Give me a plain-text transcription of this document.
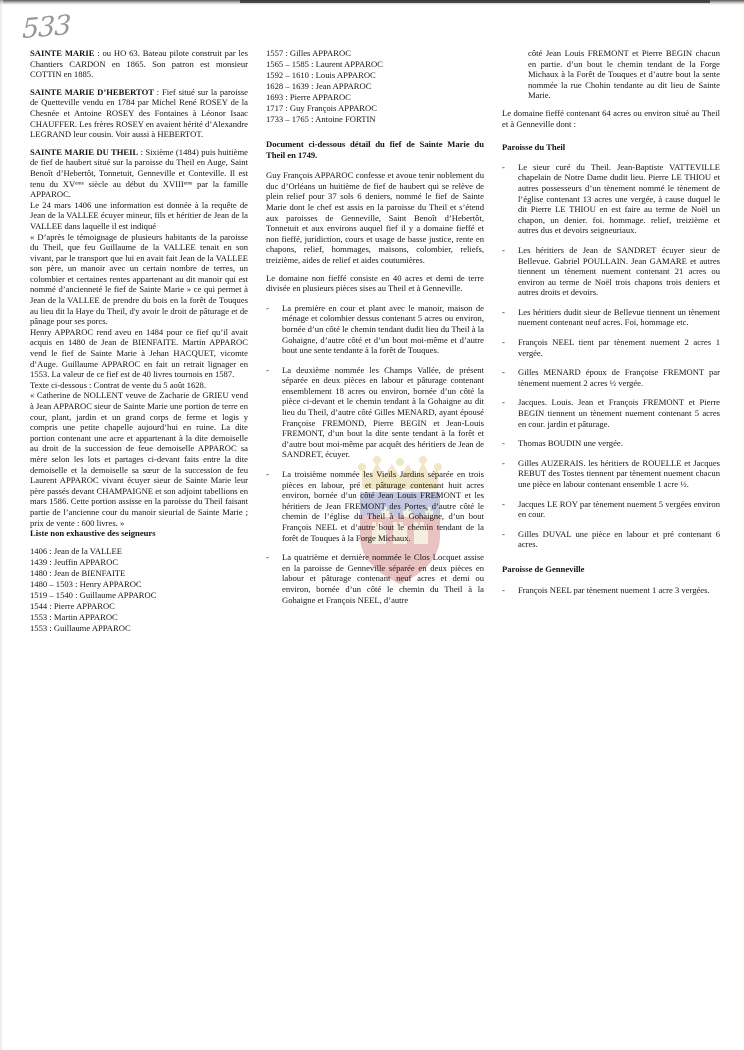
533

SAINTE MARIE : ou HO 63. Bateau pilote construit par les Chantiers CARDON en 1865. Son patron est monsieur COTTIN en 1885.

SAINTE MARIE D’HEBERTOT : Fief situé sur la paroisse de Quetteville vendu en 1784 par Michel René ROSEY de la Chesnée et Antoine ROSEY des Fontaines à Léonor Isaac CHAUFFER. Les frères ROSEY en avaient hérité d’Alexandre LEGRAND leur cousin. Voir aussi à HEBERTOT.

SAINTE MARIE DU THEIL : Sixième (1484) puis huitième de fief de haubert situé sur la paroisse du Theil en Auge, Saint Benoît d’Hebertôt, Tonnetuit, Genneville et Conteville. Il est tenu du XVᵉᵐᵉ siècle au début du XVIIIᵉᵐᵉ par la famille APPAROC.

Le 24 mars 1406 une information est donnée à la requête de Jean de la VALLEE écuyer mineur, fils et héritier de Jean de la VALLEE dans laquelle il est indiqué

« D’après le témoignage de plusieurs habitants de la paroisse du Theil, que feu Guillaume de la VALLEE tenait en son vivant, par le transport que lui en avait fait Jean de la VALLEE son père, un manoir avec un certain nombre de terres, un colombier et certaines rentes appartenant au dit manoir qui est nommé d’ancienneté le fief de Sainte Marie » ce qui permet à Jean de la VALLEE de prendre du bois en la forêt de Touques au lieu dit la Haye du Theil, d'y avoir le droit de pâturage et de pânage pour ses porcs.

Henry APPAROC rend aveu en 1484 pour ce fief qu’il avait acquis en 1480 de Jean de BIENFAITE. Martin APPAROC vend le fief de Sainte Marie à Jehan HACQUET, vicomte d’Auge. Guillaume APPAROC en fait un retrait lignager en 1553. La valeur de ce fief est de 40 livres tournois en 1587.

Texte ci-dessous : Contrat de vente du 5 août 1628.

« Catherine de NOLLENT veuve de Zacharie de GRIEU vend à Jean APPAROC sieur de Sainte Marie une portion de terre en cour, plant, jardin et un grand corps de ferme et logis y compris une petite chapelle aujourd’hui en ruine. La dite portion contenant une acre et appartenant à la dite demoiselle au droit de la succession de feue demoiselle APPAROC sa mère selon les lots et partages ci-devant faits entre la dite demoiselle et la demoiselle sa sœur de la succession de feu Laurent APPAROC vivant écuyer sieur de Sainte Marie leur père passés devant CHAMPAIGNE et son adjoint tabellions en mars 1586. Cette portion assisse en la paroisse du Theil faisant partie de l’ancienne cour du manoir sieurial de Sainte Marie ; prix de vente : 600 livres. »

Liste non exhaustive des seigneurs

1406 : Jean de la VALLEE
1439 : Jeuffin APPAROC
1480 : Jean de BIENFAITE
1480 – 1503 : Henry APPAROC
1519 – 1540 : Guillaume APPAROC
1544 : Pierre APPAROC
1553 : Martin APPAROC
1553 : Guillaume APPAROC
1557 : Gilles APPAROC
1565 – 1585 : Laurent APPAROC
1592 – 1610 : Louis APPAROC
1628 – 1639 : Jean APPAROC
1693 : Pierre APPAROC
1717 : Guy François APPAROC
1733 – 1765 : Antoine FORTIN

Document ci-dessous détail du fief de Sainte Marie du Theil en 1749.

Guy François APPAROC confesse et avoue tenir noblement du duc d’Orléans un huitième de fief de haubert qui se relève de plein relief pour 37 sols 6 deniers, nommé le fief de Sainte Marie dont le chef est assis en la paroisse du Theil et s’étend aux paroisses de Genneville, Saint Benoît d’Hebertôt, Tonnetuit et aux environs auquel fief il y a domaine fieffé et non fieffé, juridiction, cours et usage de basse justice, rente en chapons, relief, hommages, maisons, colombier, reliefs, treizième, aides de relief et aides coutumières.

Le domaine non fieffé consiste en 40 acres et demi de terre divisée en plusieurs pièces sises au Theil et à Genneville.

-	La première en cour et plant avec le manoir, maison de ménage et colombier dessus contenant 5 acres ou environ, bornée d’un côté le chemin tendant dudit lieu du Theil à la Gohaigne, d’autre côté et d’un bout moi-même et d’autre bout une sente tendante à la forêt de Touques.
-	La deuxième nommée les Champs Vallée, de présent séparée en deux pièces en labour et pâturage contenant ensemblement 18 acres ou environ, bornée d’un côté la pièce ci-devant et le chemin tendant à la Gohaigne au dit lieu du Theil, d’autre côté Gilles MENARD, ayant épousé Françoise FREMOND, Pierre BEGIN et Jean-Louis FREMONT, d’un bout la dite sente tendant à la forêt et d’autre bout moi-même par acquêt des héritiers de Jean de SANDRET, écuyer.
-	La troisième nommée les Vieils Jardins séparée en trois pièces en labour, pré et pâturage contenant huit acres environ, bornée d’un côté Jean Louis FREMONT et les héritiers de Jean FREMONT des Portes, d’autre côté le chemin de l’église du Theil à la Gohaigne, d’un bout François NEEL et d’autre bout le chemin tendant de la forêt de Touques à la Forge Michaux.
-	La quatrième et dernière nommée le Clos Locquet assise en la paroisse de Genneville séparée en deux pièces en labour et pâturage contenant neuf acres et demi ou environ, bornée d’un côté le chemin du Theil à la Gohaigne et François NEEL, d’autre

côté Jean Louis FREMONT et Pierre BEGIN chacun en partie. d’un bout le chemin tendant de la Forge Michaux à la Forêt de Touques et d’autre bout la sente nommée la rue Chohin tendante au dit lieu de Sainte Marie.

Le domaine fieffé contenant 64 acres ou environ situé au Theil et à Genneville dont :

Paroisse du Theil

-	Le sieur curé du Theil. Jean-Baptiste VATTEVILLE chapelain de Notre Dame dudit lieu. Pierre LE THIOU et autres possesseurs d’un tènement nommé le tènement de l’église contenant 13 acres une vergée, à cause duquel le dit Pierre LE THIOU en est faire au terme de Noël un chapon, un denier. foi. hommage. relief, treizième et autres dus et devoirs seigneuriaux.
-	Les héritiers de Jean de SANDRET écuyer sieur de Bellevue. Gabriel POULLAIN. Jean GAMARE et autres tiennent un tènement nuement contenant 21 acres ou environ au terme de Noël trois chapons trois deniers et autres droits et devoirs.
-	Les héritiers dudit sieur de Bellevue tiennent un tènement nuement contenant neuf acres. Foi, hommage etc.
-	François NEEL tient par tènement nuement 2 acres 1 vergée.
-	Gilles MENARD époux de Françoise FREMONT par tènement nuement 2 acres ½ vergée.
-	Jacques. Louis. Jean et François FREMONT et Pierre BEGIN tiennent un tènement nuement contenant 5 acres en cour. jardin et pâturage.
-	Thomas BOUDIN une vergée.
-	Gilles AUZERAIS. les héritiers de ROUELLE et Jacques REBUT des Tostes tiennent par tènement nuement chacun une pièce en labour contenant ensemble 1 acre ½.
-	Jacques LE ROY par tènement nuement 5 vergées environ en cour.
-	Gilles DUVAL une pièce en labour et pré contenant 6 acres.

Paroisse de Genneville

-	François NEEL par tènement nuement 1 acre 3 vergées.
